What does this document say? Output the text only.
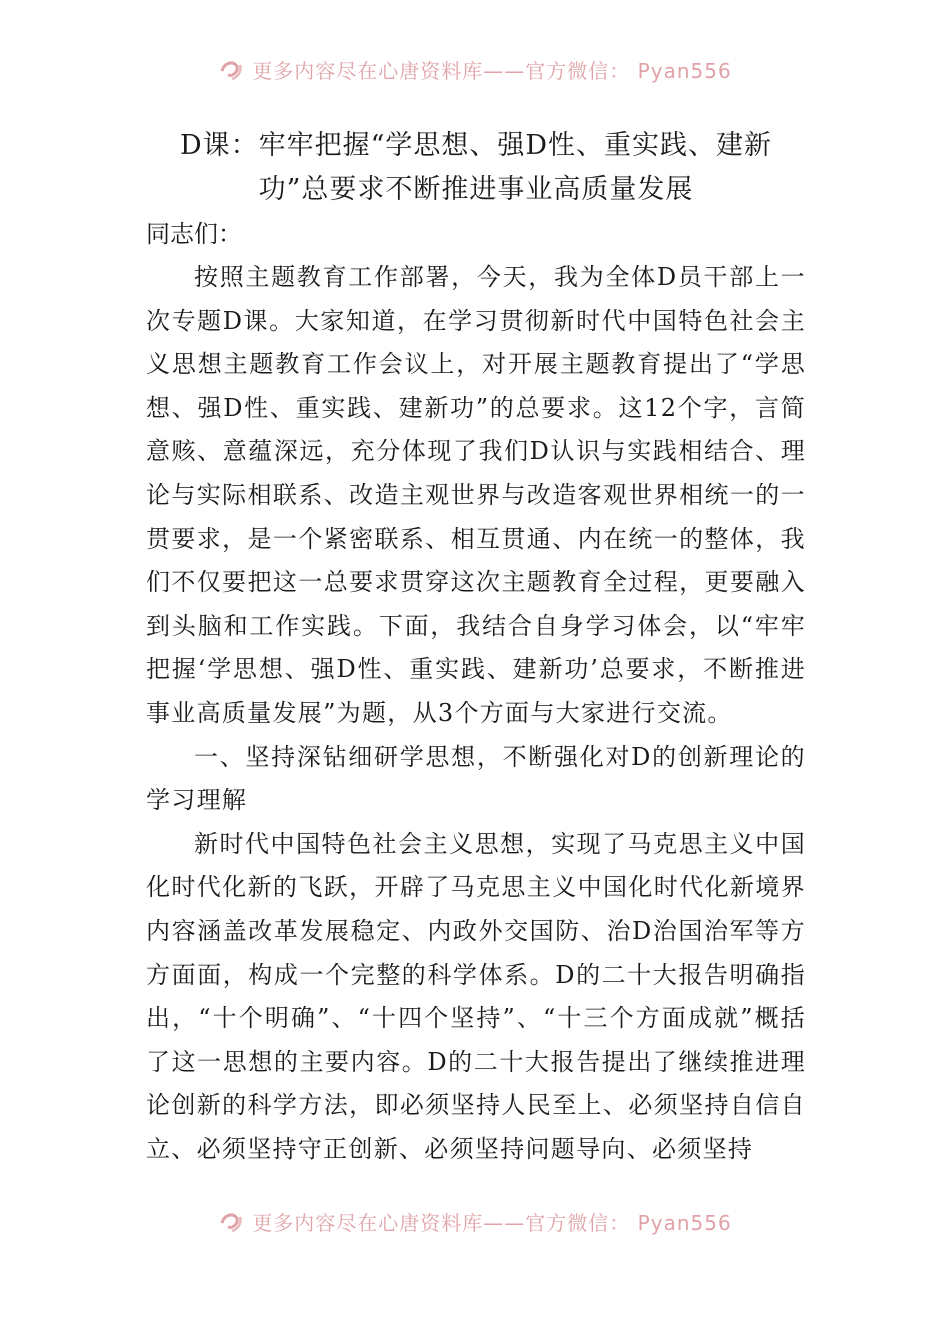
更多内容尽在心唐资料库——官方微信： Pyan556
D课：牢牢把握“学思想、强D性、重实践、建新功”总要求不断推进事业高质量发展

同志们：

按照主题教育工作部署，今天，我为全体D员干部上一次专题D课。大家知道，在学习贯彻新时代中国特色社会主义思想主题教育工作会议上，对开展主题教育提出了“学思想、强D性、重实践、建新功”的总要求。这12个字，言简意赅、意蕴深远，充分体现了我们D认识与实践相结合、理论与实际相联系、改造主观世界与改造客观世界相统一的一贯要求，是一个紧密联系、相互贯通、内在统一的整体，我们不仅要把这一总要求贯穿这次主题教育全过程，更要融入到头脑和工作实践。下面，我结合自身学习体会，以“牢牢把握‘学思想、强D性、重实践、建新功’总要求，不断推进事业高质量发展”为题，从3个方面与大家进行交流。

一、坚持深钻细研学思想，不断强化对D的创新理论的学习理解

新时代中国特色社会主义思想，实现了马克思主义中国化时代化新的飞跃，开辟了马克思主义中国化时代化新境界内容涵盖改革发展稳定、内政外交国防、治D治国治军等方方面面，构成一个完整的科学体系。D的二十大报告明确指出，“十个明确”、“十四个坚持”、“十三个方面成就”概括了这一思想的主要内容。D的二十大报告提出了继续推进理论创新的科学方法，即必须坚持人民至上、必须坚持自信自立、必须坚持守正创新、必须坚持问题导向、必须坚持

更多内容尽在心唐资料库——官方微信： Pyan556
